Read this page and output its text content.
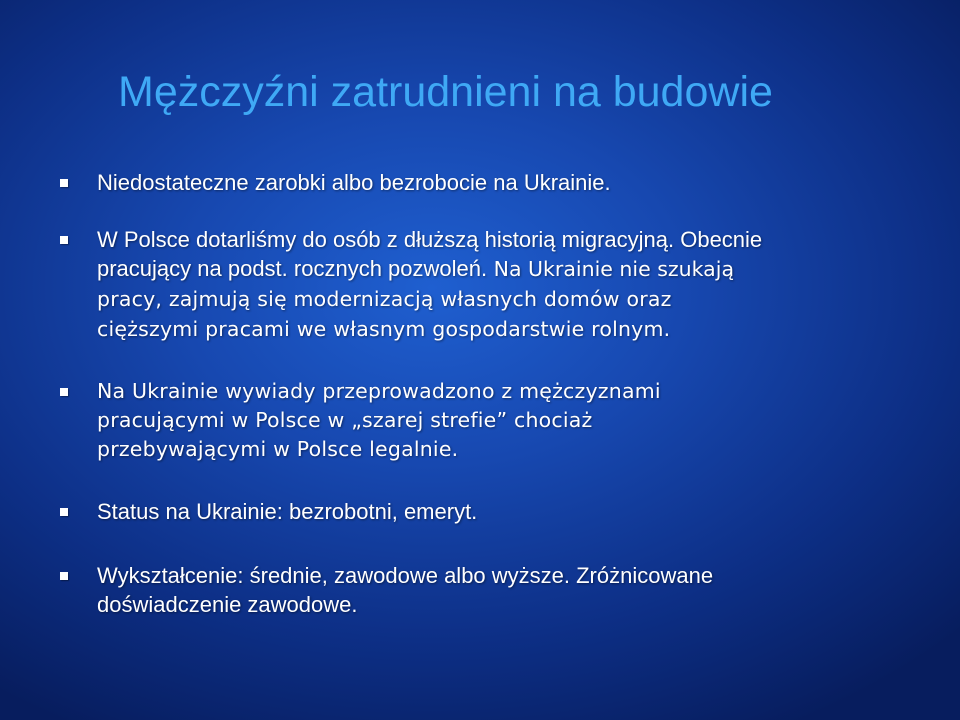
Mężczyźni zatrudnieni na budowie
Niedostateczne zarobki albo bezrobocie na Ukrainie.
W Polsce dotarliśmy do osób z dłuższą historią migracyjną. Obecnie
pracujący na podst. rocznych pozwoleń. Na Ukrainie nie szukają
pracy, zajmują się modernizacją własnych domów oraz
cięższymi pracami we własnym gospodarstwie rolnym.
Na Ukrainie wywiady przeprowadzono z mężczyznami
pracującymi w Polsce w „szarej strefie” chociaż
przebywającymi w Polsce legalnie.
Status na Ukrainie: bezrobotni, emeryt.
Wykształcenie: średnie, zawodowe albo wyższe. Zróżnicowane
doświadczenie zawodowe.
